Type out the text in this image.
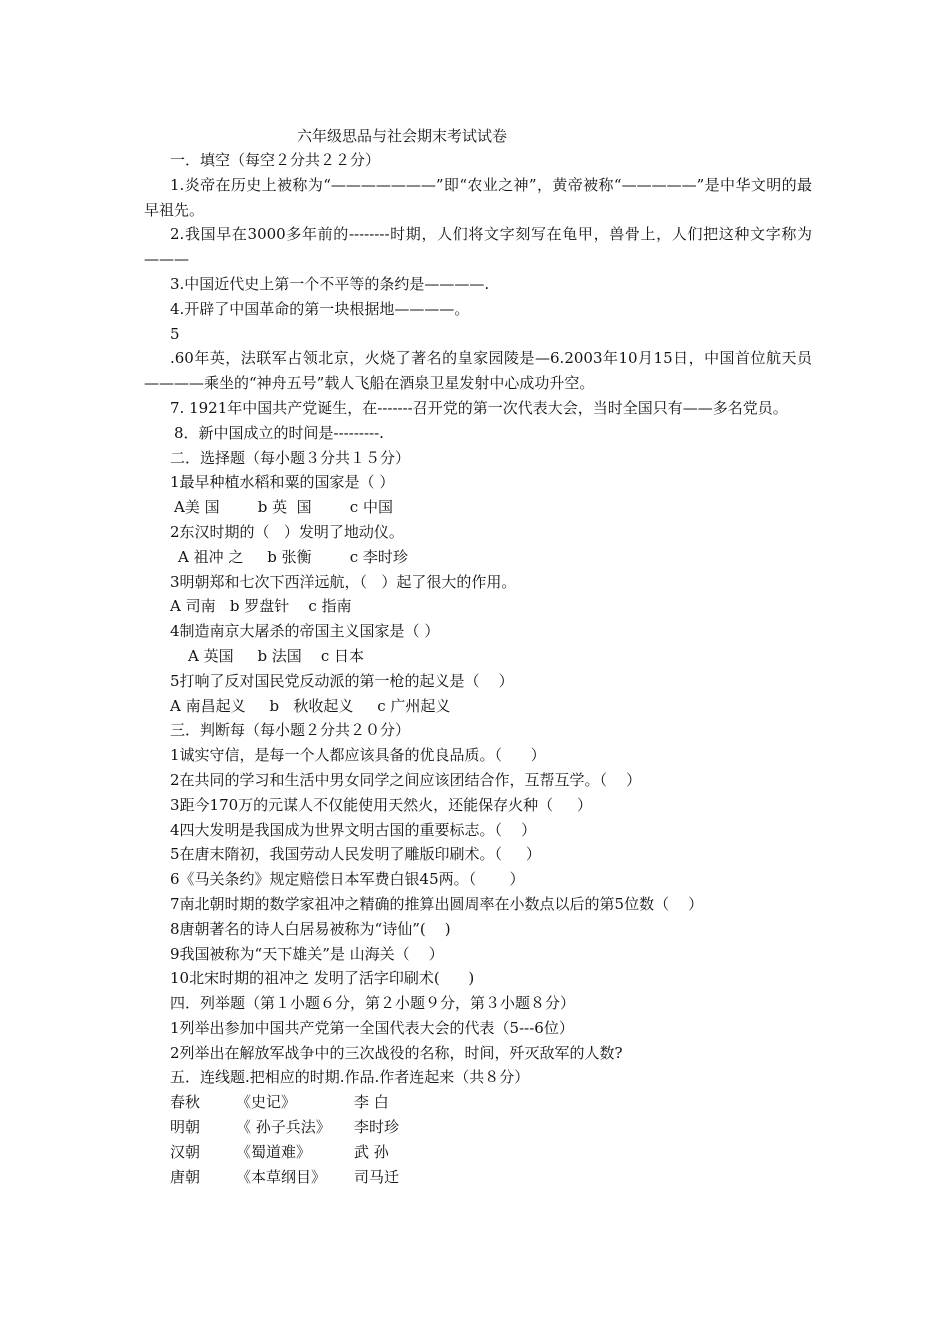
六年级思品与社会期末考试试卷
一．填空（每空２分共２２分）
1.炎帝在历史上被称为“———————”即“农业之神”，黄帝被称“—————”是中华文明的最早祖先。
2.我国早在3000多年前的--------时期，人们将文字刻写在龟甲，兽骨上，人们把这种文字称为———
3.中国近代史上第一个不平等的条约是————.
4.开辟了中国革命的第一块根据地————。
5
.60年英，法联军占领北京，火烧了著名的皇家园陵是—6.2003年10月15日，中国首位航天员————乘坐的“神舟五号”载人飞船在酒泉卫星发射中心成功升空。
7. 1921年中国共产党诞生，在-------召开党的第一次代表大会，当时全国只有——多名党员。
8．新中国成立的时间是---------.
二．选择题（每小题３分共１５分）
1最早种植水稻和粟的国家是（ ）
A美 国        b 英  国        c 中国
2东汉时期的（   ）发明了地动仪。
A 祖冲 之     b 张衡        c 李时珍
3明朝郑和七次下西洋远航，（   ）起了很大的作用。
A 司南   b 罗盘针    c 指南
4制造南京大屠杀的帝国主义国家是（ ）
A 英国     b 法国    c 日本
5打响了反对国民党反动派的第一枪的起义是（    ）
A 南昌起义     b   秋收起义     c 广州起义
三．判断每（每小题２分共２０分）
1诚实守信，是每一个人都应该具备的优良品质。（      ）
2在共同的学习和生活中男女同学之间应该团结合作，互帮互学。（    ）
3距今170万的元谋人不仅能使用天然火，还能保存火种（     ）
4四大发明是我国成为世界文明古国的重要标志。（    ）
5在唐末隋初，我国劳动人民发明了雕版印刷术。（     ）
6《马关条约》规定赔偿日本军费白银45两。（       ）
7南北朝时期的数学家祖冲之精确的推算出圆周率在小数点以后的第5位数（    ）
8唐朝著名的诗人白居易被称为“诗仙”(    )
9我国被称为“天下雄关”是 山海关（    ）
10北宋时期的祖冲之 发明了活字印刷术(      )
四．列举题（第１小题６分，第２小题９分，第３小题８分）
1列举出参加中国共产党第一全国代表大会的代表（5---6位）
2列举出在解放军战争中的三次战役的名称，时间，歼灭敌军的人数?
五．连线题.把相应的时期.作品.作者连起来（共８分）
春秋	《史记》	李 白
明朝	《 孙子兵法》	李时珍
汉朝	《蜀道难》	武 孙
唐朝	《本草纲目》	司马迁
